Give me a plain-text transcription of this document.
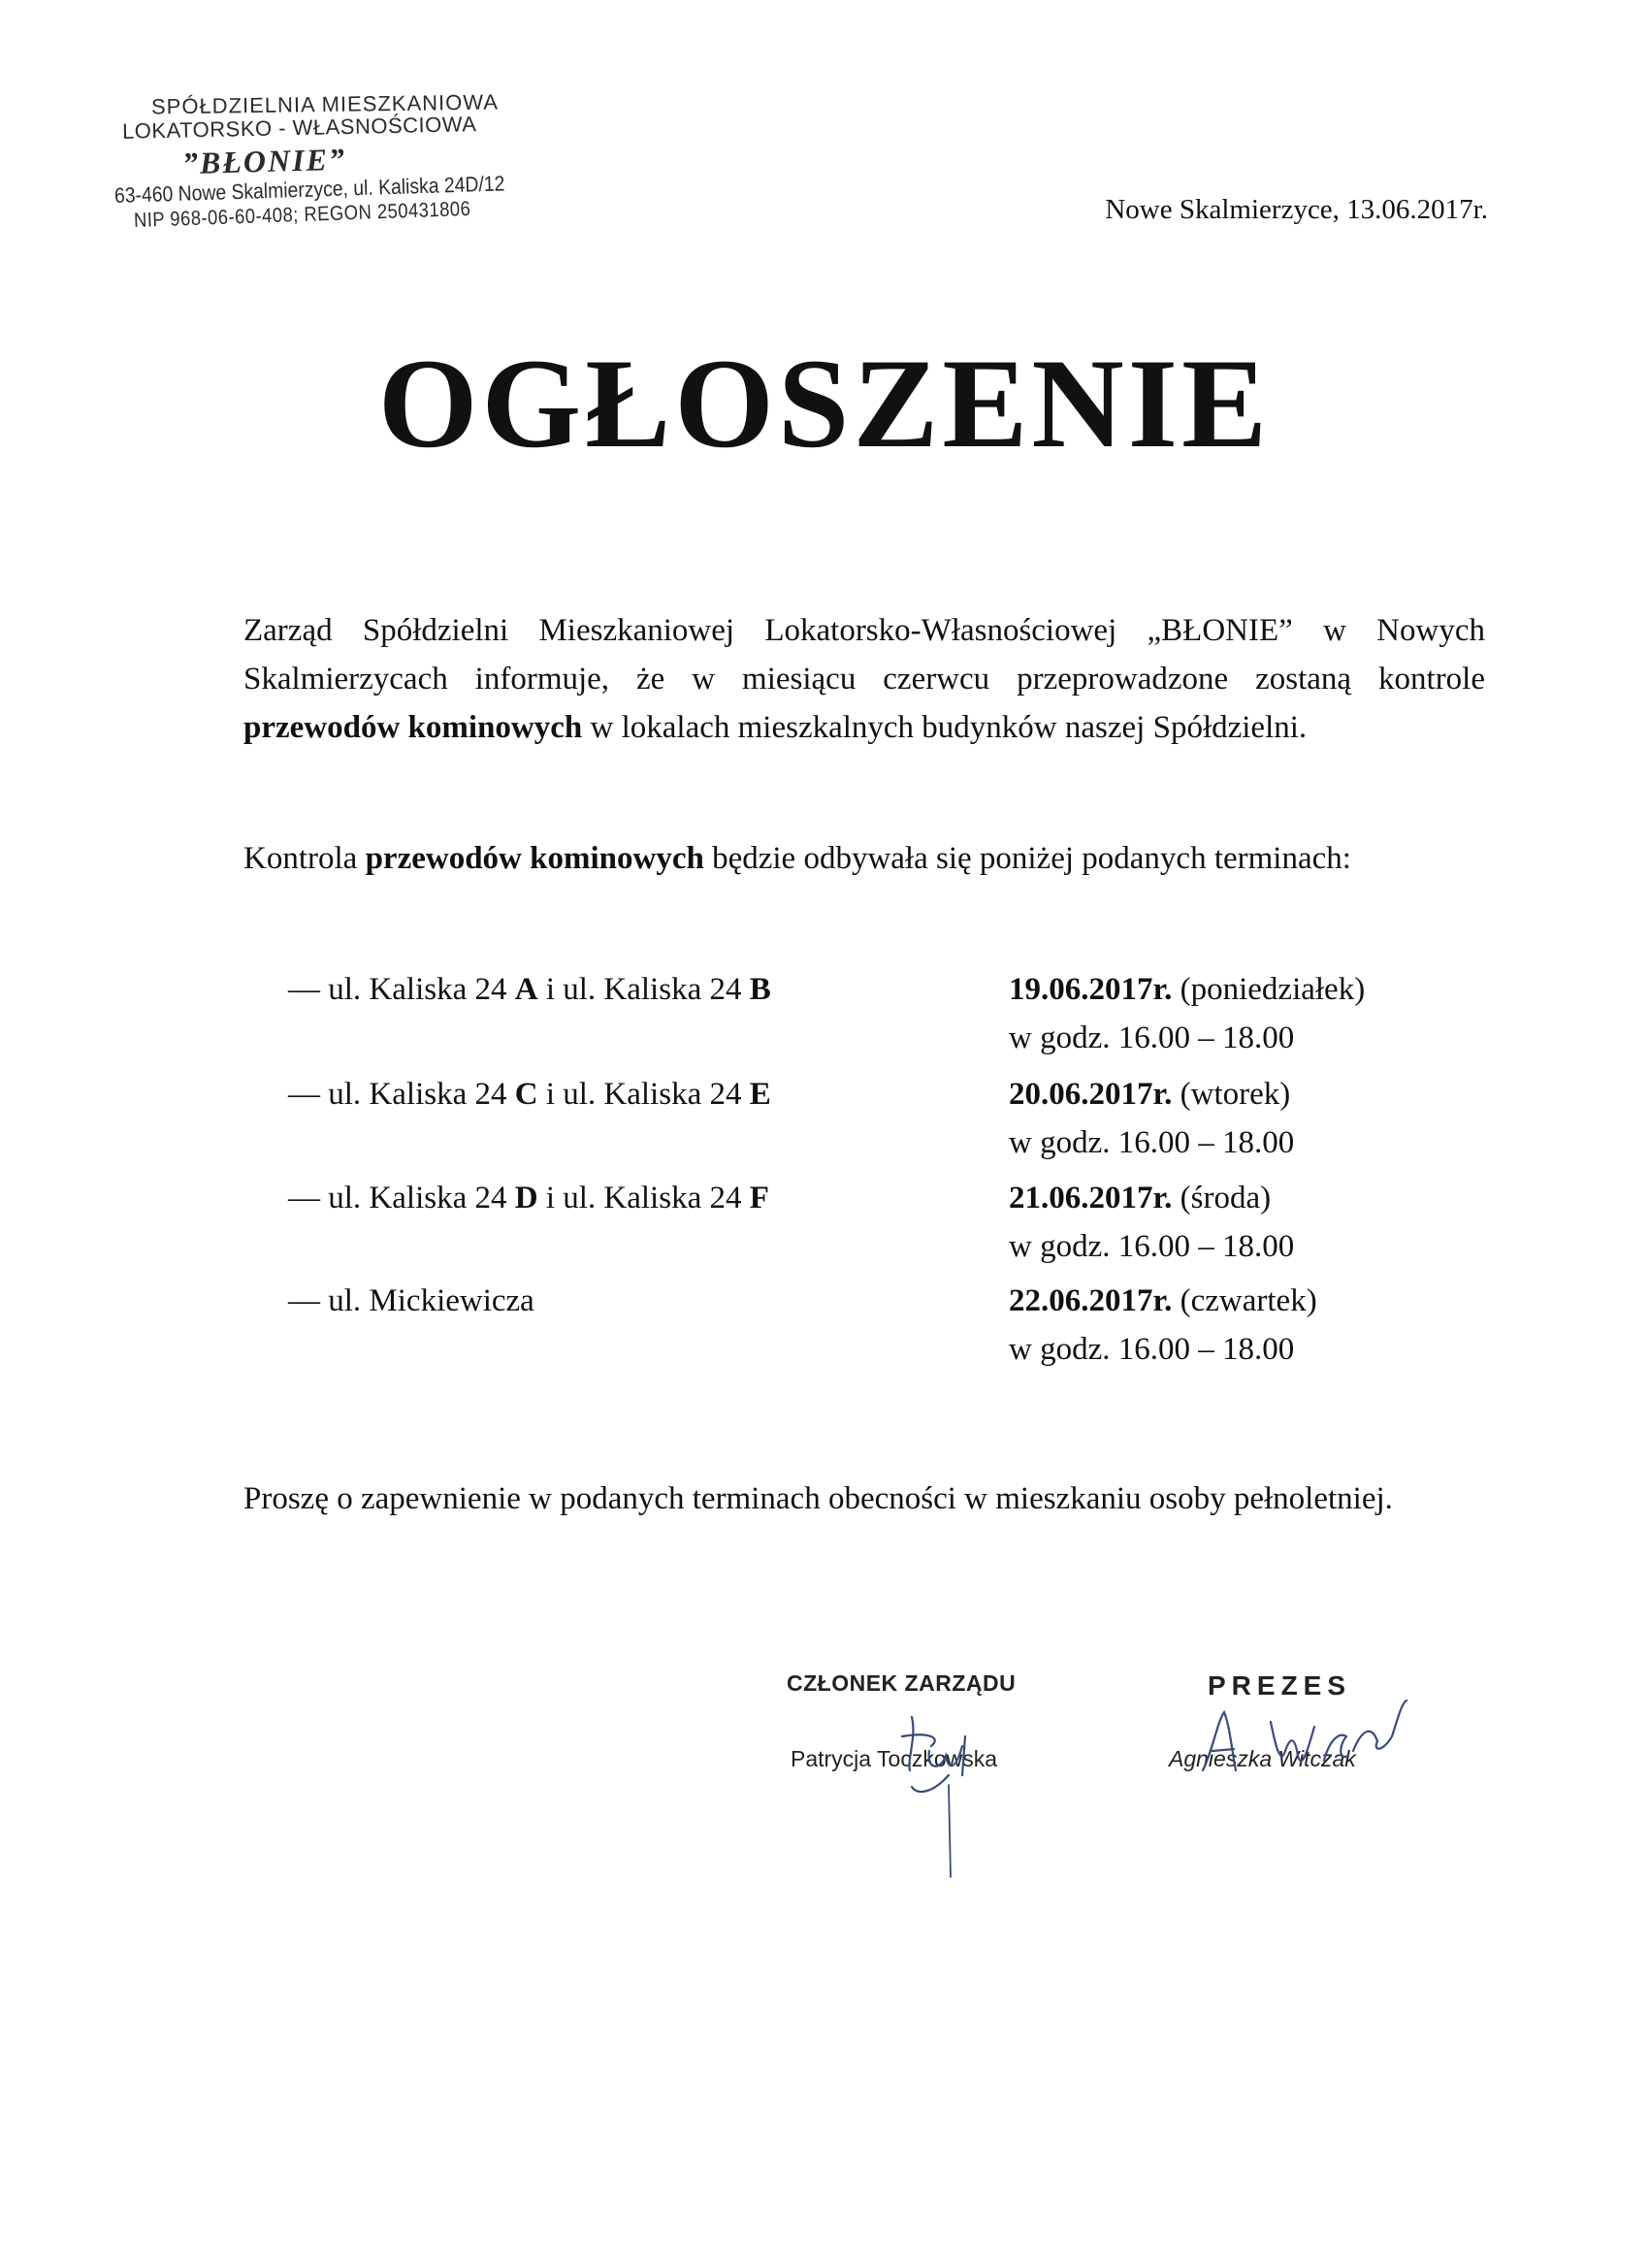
SPÓŁDZIELNIA MIESZKANIOWA
LOKATORSKO - WŁASNOŚCIOWA
”BŁONIE”
63-460 Nowe Skalmierzyce, ul. Kaliska 24D/12
NIP 968-06-60-408; REGON 250431806	Nowe Skalmierzyce, 13.06.2017r.
OGŁOSZENIE
Zarząd Spółdzielni Mieszkaniowej Lokatorsko-Własnościowej „BŁONIE” w Nowych Skalmierzycach informuje, że w miesiącu czerwcu przeprowadzone zostaną kontrole przewodów kominowych w lokalach mieszkalnych budynków naszej Spółdzielni.
Kontrola przewodów kominowych będzie odbywała się poniżej podanych terminach:
— ul. Kaliska 24 A i ul. Kaliska 24 B	19.06.2017r. (poniedziałek)
w godz. 16.00 – 18.00
— ul. Kaliska 24 C i ul. Kaliska 24 E	20.06.2017r. (wtorek)
w godz. 16.00 – 18.00
— ul. Kaliska 24 D i ul. Kaliska 24 F	21.06.2017r. (środa)
w godz. 16.00 – 18.00
— ul. Mickiewicza	22.06.2017r. (czwartek)
w godz. 16.00 – 18.00
Proszę o zapewnienie w podanych terminach obecności w mieszkaniu osoby pełnoletniej.
CZŁONEK ZARZĄDU
Patrycja Toczkowska
PREZES
Agnieszka Witczak
